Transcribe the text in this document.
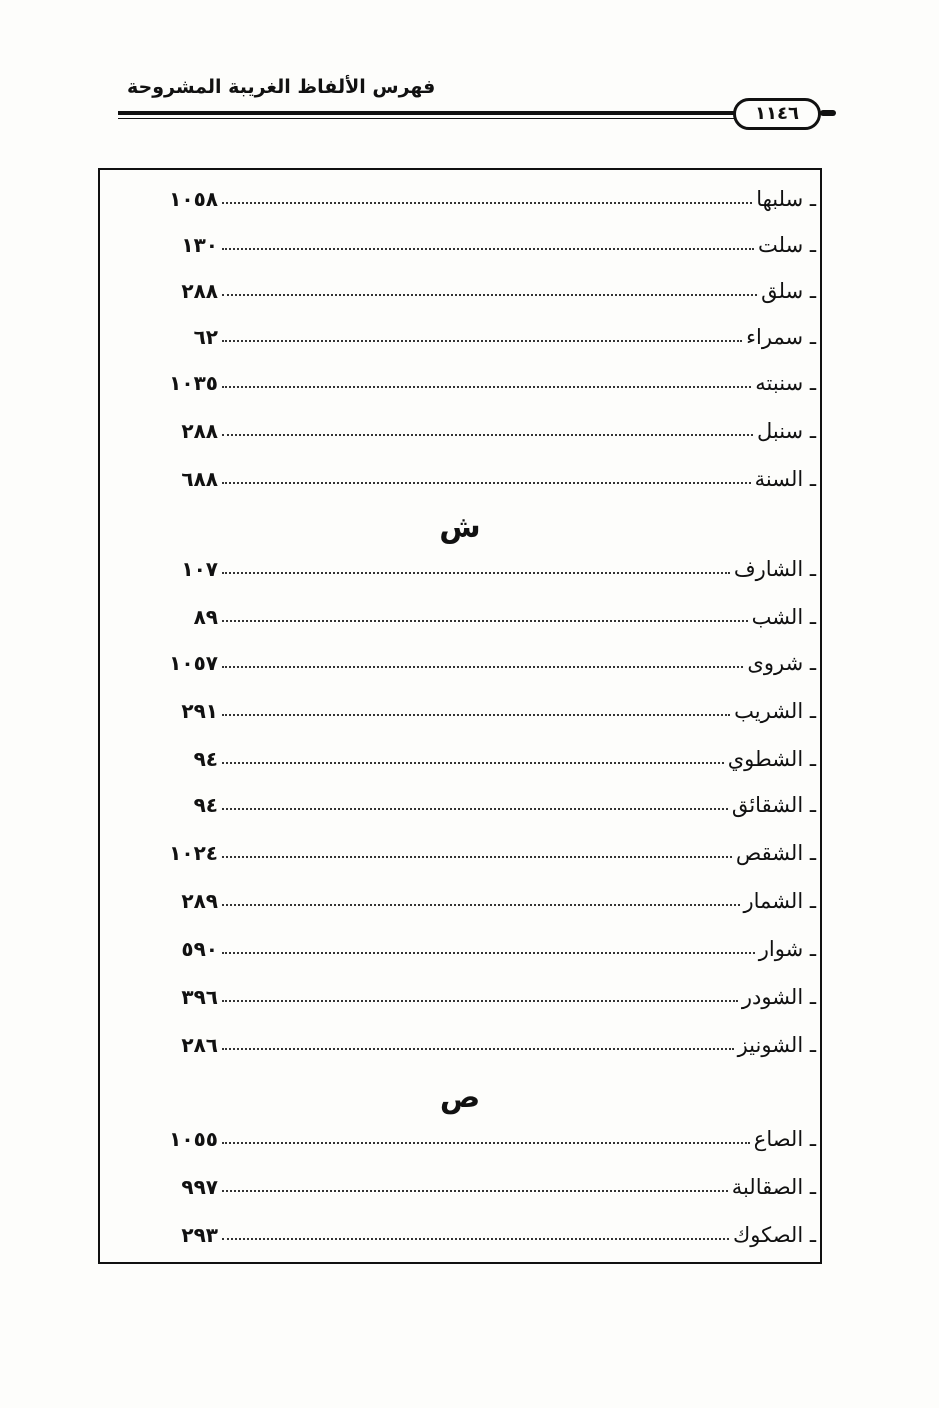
فهرس الألفاظ الغريبة المشروحة
١١٤٦
١٠٥٨	ـ سلبها
١٣٠	ـ سلت
٢٨٨	ـ سلق
٦٢	ـ سمراء
١٠٣٥	ـ سنبته
٢٨٨	ـ سنبل
٦٨٨	ـ السنة
ش
١٠٧	ـ الشارف
٨٩	ـ الشب
١٠٥٧	ـ شروى
٢٩١	ـ الشريب
٩٤	ـ الشطوي
٩٤	ـ الشقائق
١٠٢٤	ـ الشقص
٢٨٩	ـ الشمار
٥٩٠	ـ شوار
٣٩٦	ـ الشودر
٢٨٦	ـ الشونيز
ص
١٠٥٥	ـ الصاع
٩٩٧	ـ الصقالبة
٢٩٣	ـ الصكوك
